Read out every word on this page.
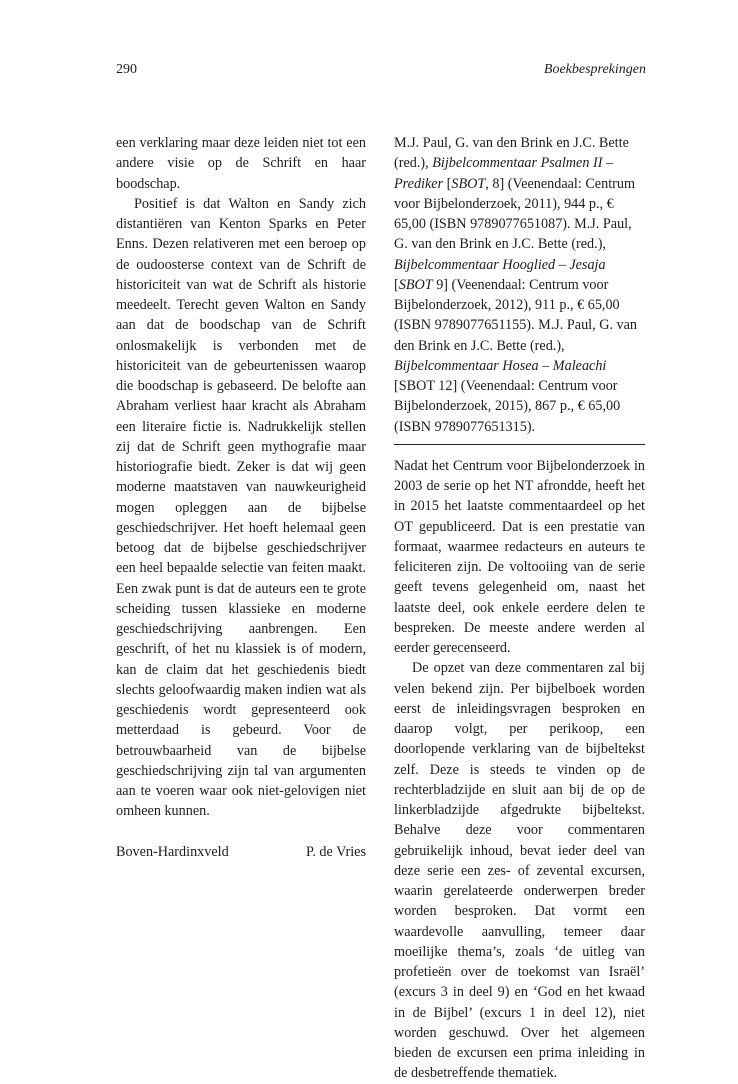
290	Boekbesprekingen

een verklaring maar deze leiden niet tot een andere visie op de Schrift en haar boodschap.

Positief is dat Walton en Sandy zich distantiëren van Kenton Sparks en Peter Enns. Dezen relativeren met een beroep op de oudoosterse context van de Schrift de historiciteit van wat de Schrift als historie meedeelt. Terecht geven Walton en Sandy aan dat de boodschap van de Schrift onlosmakelijk is verbonden met de historiciteit van de gebeurtenissen waarop die boodschap is gebaseerd. De belofte aan Abraham verliest haar kracht als Abraham een literaire fictie is. Nadrukkelijk stellen zij dat de Schrift geen mythografie maar historiografie biedt. Zeker is dat wij geen moderne maatstaven van nauwkeurigheid mogen opleggen aan de bijbelse geschiedschrijver. Het hoeft helemaal geen betoog dat de bijbelse geschiedschrijver een heel bepaalde selectie van feiten maakt. Een zwak punt is dat de auteurs een te grote scheiding tussen klassieke en moderne geschiedschrijving aanbrengen. Een geschrift, of het nu klassiek is of modern, kan de claim dat het geschiedenis biedt slechts geloofwaardig maken indien wat als geschiedenis wordt gepresenteerd ook metterdaad is gebeurd. Voor de betrouwbaarheid van de bijbelse geschiedschrijving zijn tal van argumenten aan te voeren waar ook niet-gelovigen niet omheen kunnen.

Boven-Hardinxveld	P. de Vries

M.J. Paul, G. van den Brink en J.C. Bette (red.), Bijbelcommentaar Psalmen II – Prediker [SBOT, 8] (Veenendaal: Centrum voor Bijbelonderzoek, 2011), 944 p., € 65,00 (ISBN 9789077651087). M.J. Paul, G. van den Brink en J.C. Bette (red.), Bijbelcommentaar Hooglied – Jesaja [SBOT 9] (Veenendaal: Centrum voor Bijbelonderzoek, 2012), 911 p., € 65,00 (ISBN 9789077651155). M.J. Paul, G. van den Brink en J.C. Bette (red.), Bijbelcommentaar Hosea – Maleachi [SBOT 12] (Veenendaal: Centrum voor Bijbelonderzoek, 2015), 867 p., € 65,00 (ISBN 9789077651315).

Nadat het Centrum voor Bijbelonderzoek in 2003 de serie op het NT afrondde, heeft het in 2015 het laatste commentaardeel op het OT gepubliceerd. Dat is een prestatie van formaat, waarmee redacteurs en auteurs te feliciteren zijn. De voltooiing van de serie geeft tevens gelegenheid om, naast het laatste deel, ook enkele eerdere delen te bespreken. De meeste andere werden al eerder gerecenseerd.

De opzet van deze commentaren zal bij velen bekend zijn. Per bijbelboek worden eerst de inleidingsvragen besproken en daarop volgt, per perikoop, een doorlopende verklaring van de bijbeltekst zelf. Deze is steeds te vinden op de rechterbladzijde en sluit aan bij de op de linkerbladzijde afgedrukte bijbeltekst. Behalve deze voor commentaren gebruikelijk inhoud, bevat ieder deel van deze serie een zes- of zevental excursen, waarin gerelateerde onderwerpen breder worden besproken. Dat vormt een waardevolle aanvulling, temeer daar moeilijke thema’s, zoals ‘de uitleg van profetieën over de toekomst van Israël’ (excurs 3 in deel 9) en ‘God en het kwaad in de Bijbel’ (excurs 1 in deel 12), niet worden geschuwd. Over het algemeen bieden de excursen een prima inleiding in de desbetreffende thematiek.
